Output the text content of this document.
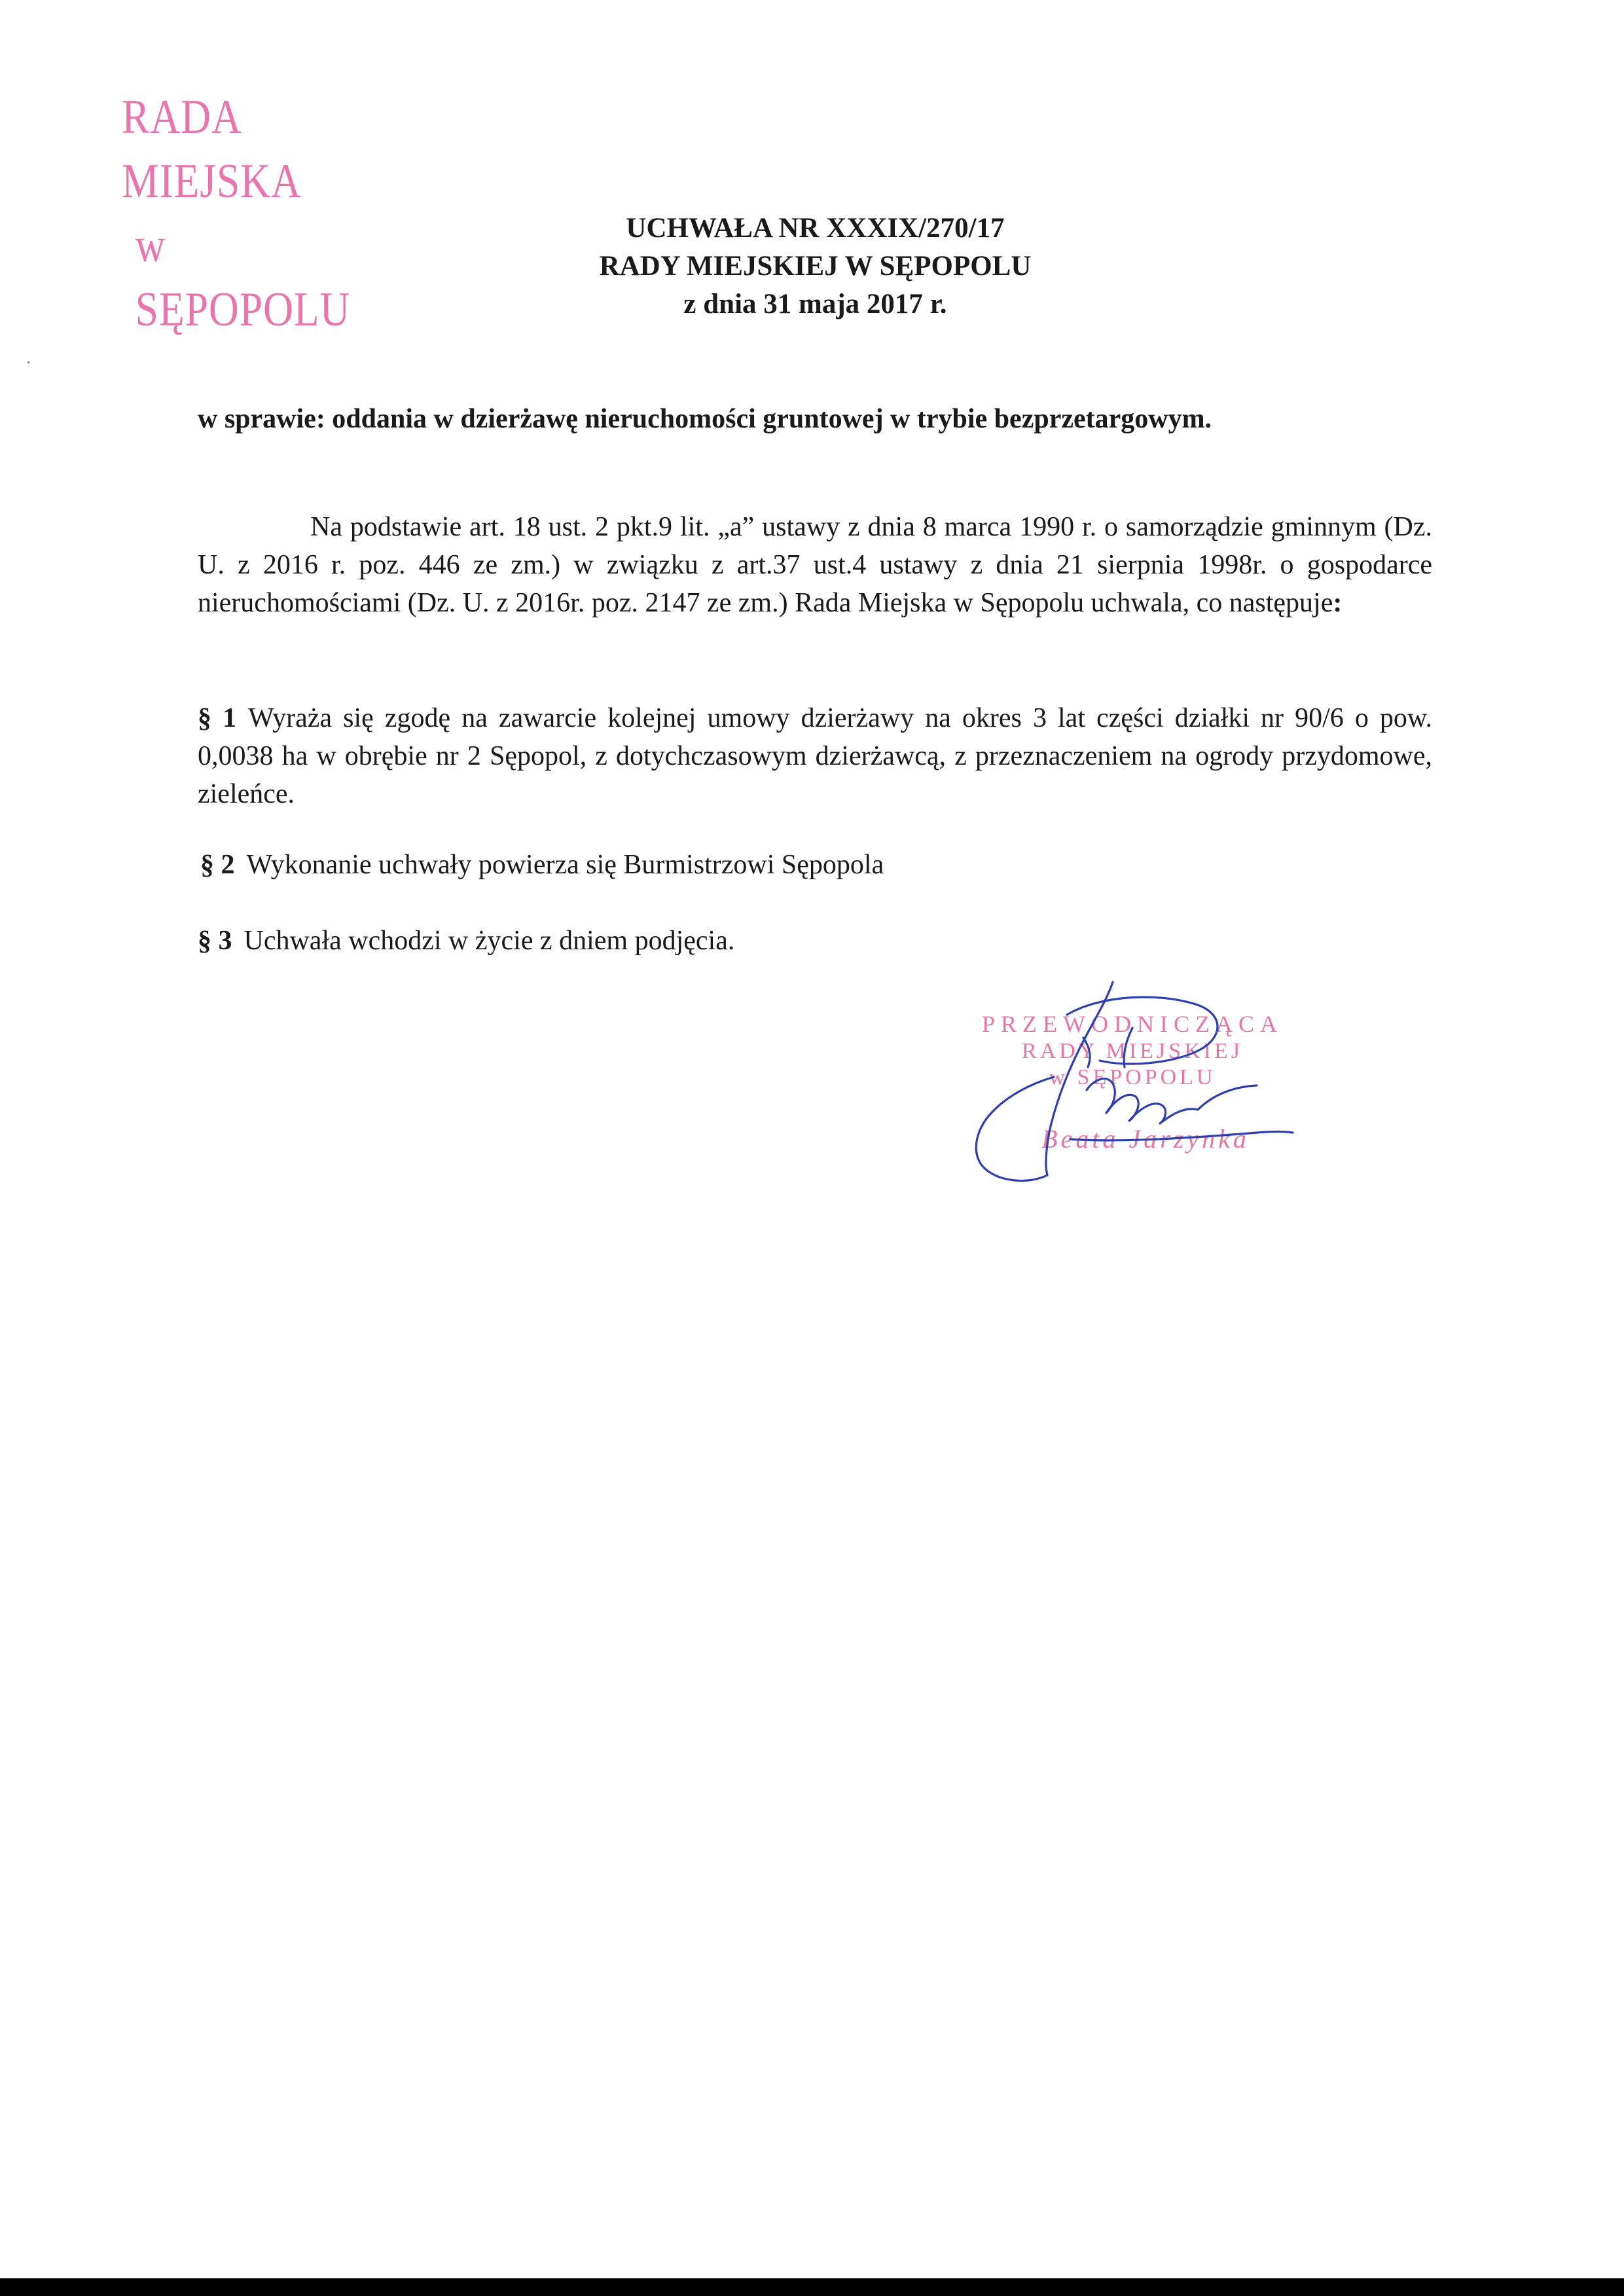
RADA MIEJSKA
w SĘPOPOLU
UCHWAŁA NR XXXIX/270/17
RADY MIEJSKIEJ W SĘPOPOLU
z dnia 31 maja 2017 r.
w sprawie: oddania w dzierżawę nieruchomości gruntowej w trybie bezprzetargowym.
Na podstawie art. 18 ust. 2 pkt.9 lit. „a” ustawy z dnia 8 marca 1990 r. o samorządzie gminnym (Dz. U. z 2016 r. poz. 446 ze zm.) w związku z art.37 ust.4 ustawy z dnia 21 sierpnia 1998r. o gospodarce nieruchomościami (Dz. U. z 2016r. poz. 2147 ze zm.) Rada Miejska w Sępopolu uchwala, co następuje:
§ 1 Wyraża się zgodę na zawarcie kolejnej umowy dzierżawy na okres 3 lat części działki nr 90/6 o pow. 0,0038 ha w obrębie nr 2 Sępopol, z dotychczasowym dzierżawcą, z przeznaczeniem na ogrody przydomowe, zieleńce.
§ 2 Wykonanie uchwały powierza się Burmistrzowi Sępopola
§ 3 Uchwała wchodzi w życie z dniem podjęcia.
PRZEWODNICZĄCA
RADY MIEJSKIEJ
w SĘPOPOLU
Beata Jarzynka
